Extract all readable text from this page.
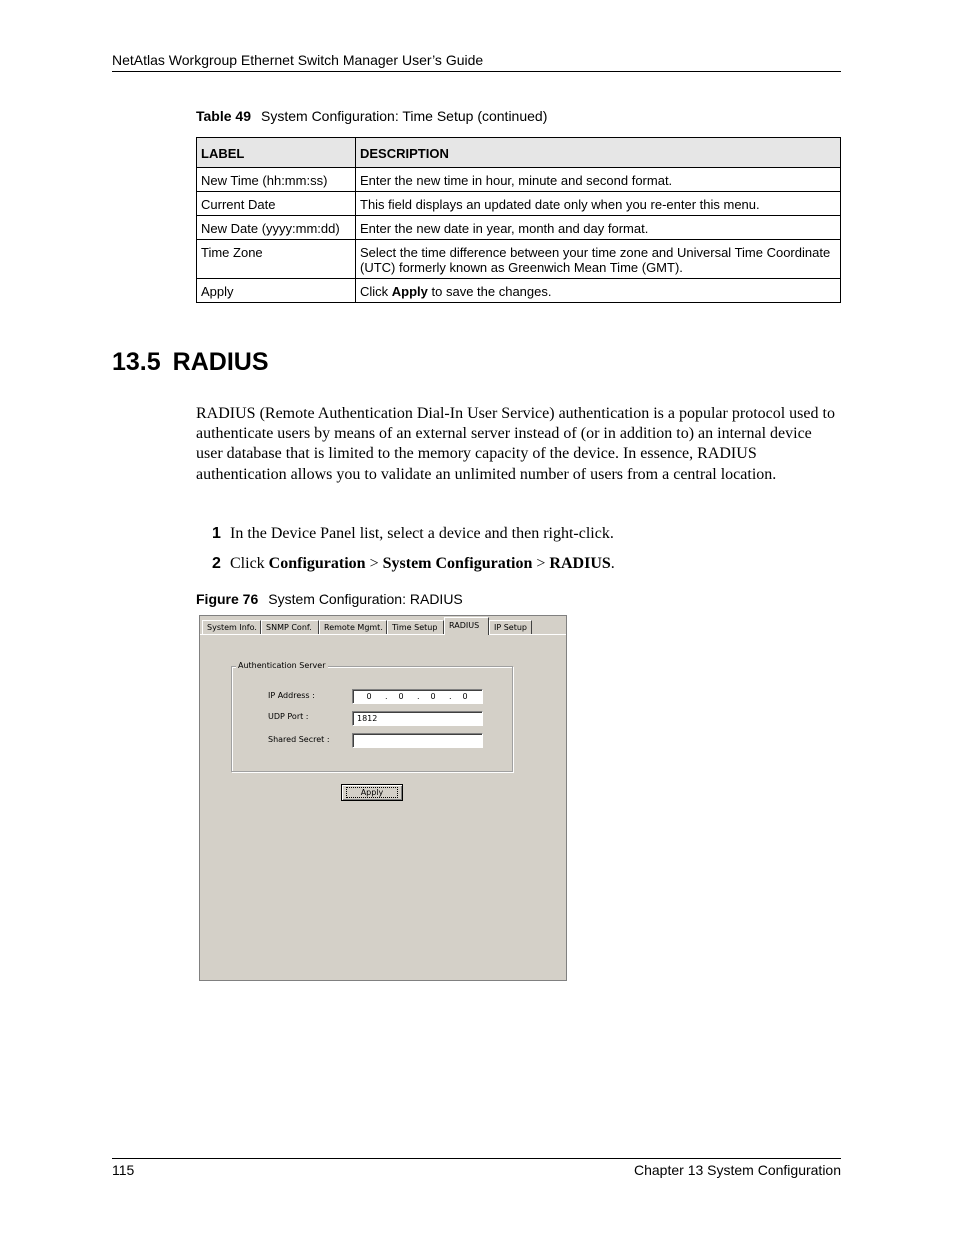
NetAtlas Workgroup Ethernet Switch Manager User’s Guide
Table 49 System Configuration: Time Setup (continued)
LABEL	DESCRIPTION
New Time (hh:mm:ss)	Enter the new time in hour, minute and second format.
Current Date	This field displays an updated date only when you re-enter this menu.
New Date (yyyy:mm:dd)	Enter the new date in year, month and day format.
Time Zone	Select the time difference between your time zone and Universal Time Coordinate (UTC) formerly known as Greenwich Mean Time (GMT).
Apply	Click Apply to save the changes.
13.5 RADIUS
RADIUS (Remote Authentication Dial-In User Service) authentication is a popular protocol used to authenticate users by means of an external server instead of (or in addition to) an internal device user database that is limited to the memory capacity of the device. In essence, RADIUS authentication allows you to validate an unlimited number of users from a central location.
1 In the Device Panel list, select a device and then right-click.
2 Click Configuration > System Configuration > RADIUS.
Figure 76 System Configuration: RADIUS
System Info.	SNMP Conf.	Remote Mgmt.	Time Setup	RADIUS	IP Setup
Authentication Server
IP Address :	0	.	0	.	0	.	0
UDP Port :	1812
Shared Secret :
Apply
115	Chapter 13 System Configuration
